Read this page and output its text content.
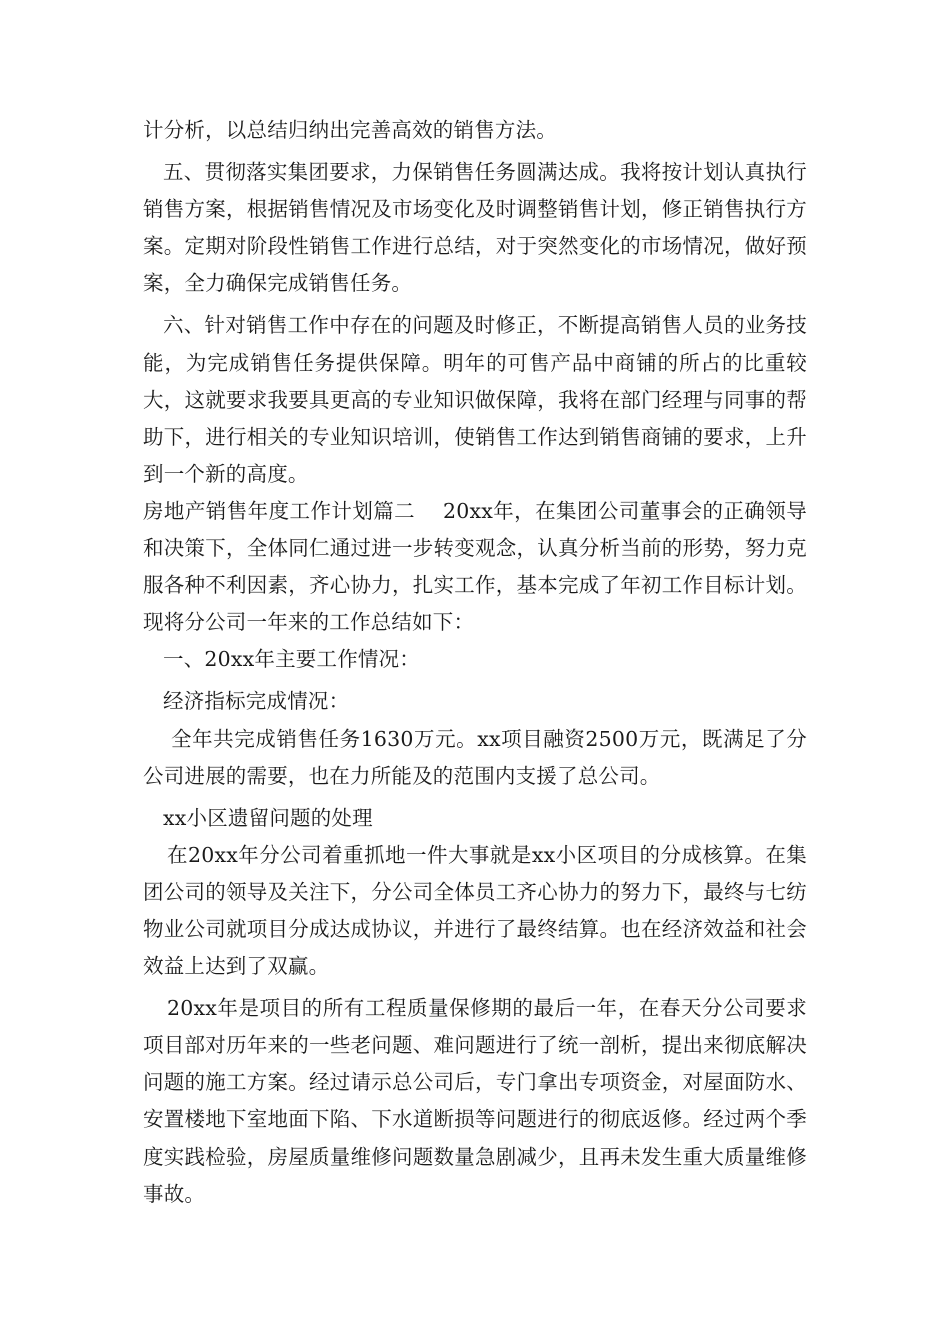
计分析，以总结归纳出完善高效的销售方法。

五、贯彻落实集团要求，力保销售任务圆满达成。我将按计划认真执行销售方案，根据销售情况及市场变化及时调整销售计划，修正销售执行方案。定期对阶段性销售工作进行总结，对于突然变化的市场情况，做好预案，全力确保完成销售任务。

六、针对销售工作中存在的问题及时修正，不断提高销售人员的业务技能，为完成销售任务提供保障。明年的可售产品中商铺的所占的比重较大，这就要求我要具更高的专业知识做保障，我将在部门经理与同事的帮助下，进行相关的专业知识培训，使销售工作达到销售商铺的要求，上升到一个新的高度。

房地产销售年度工作计划篇二　 20xx年，在集团公司董事会的正确领导和决策下，全体同仁通过进一步转变观念，认真分析当前的形势，努力克服各种不利因素，齐心协力，扎实工作，基本完成了年初工作目标计划。现将分公司一年来的工作总结如下：

一、20xx年主要工作情况：

经济指标完成情况：

全年共完成销售任务1630万元。xx项目融资2500万元，既满足了分公司进展的需要，也在力所能及的范围内支援了总公司。

xx小区遗留问题的处理

在20xx年分公司着重抓地一件大事就是xx小区项目的分成核算。在集团公司的领导及关注下，分公司全体员工齐心协力的努力下，最终与七纺物业公司就项目分成达成协议，并进行了最终结算。也在经济效益和社会效益上达到了双赢。

20xx年是项目的所有工程质量保修期的最后一年，在春天分公司要求项目部对历年来的一些老问题、难问题进行了统一剖析，提出来彻底解决问题的施工方案。经过请示总公司后，专门拿出专项资金，对屋面防水、安置楼地下室地面下陷、下水道断损等问题进行的彻底返修。经过两个季度实践检验，房屋质量维修问题数量急剧减少，且再未发生重大质量维修事故。
